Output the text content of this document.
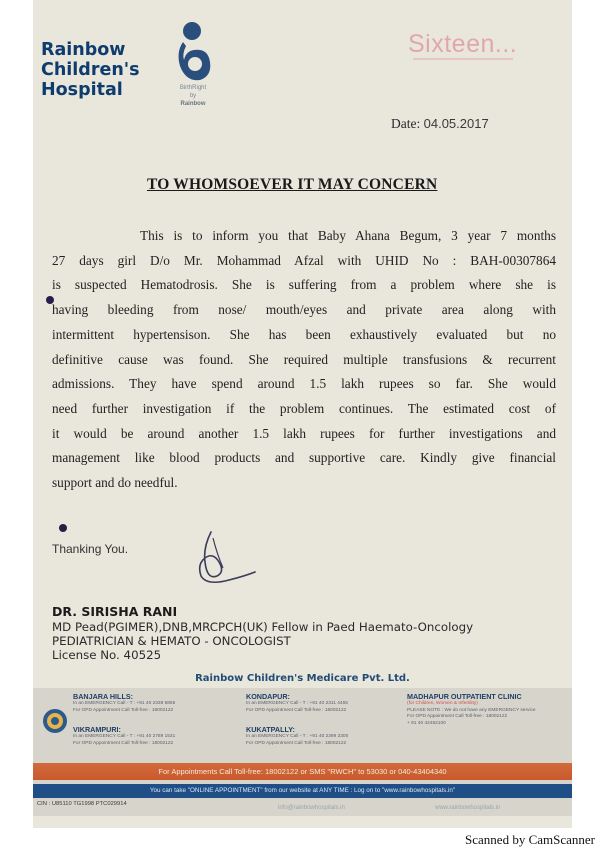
Rainbow
Children's
Hospital	BirthRight
by
Rainbow
Sixteen...
Date: 04.05.2017
TO WHOMSOEVER IT MAY CONCERN
This is to inform you that Baby Ahana Begum, 3 year 7 months
27 days girl D/o Mr. Mohammad Afzal with UHID No : BAH-00307864
is suspected Hematodrosis. She is suffering from a problem where she is
having bleeding from nose/ mouth/eyes and private area along with
intermittent hypertensison. She has been exhaustively evaluated but no
definitive cause was found. She required multiple transfusions & recurrent
admissions. They have spend around 1.5 lakh rupees so far. She would
need further investigation if the problem continues. The estimated cost of
it would be around another 1.5 lakh rupees for further investigations and
management like blood products and supportive care. Kindly give financial
support and do needful.
Thanking You.
DR. SIRISHA RANI
MD Pead(PGIMER),DNB,MRCPCH(UK) Fellow in Paed Haemato-Oncology
PEDIATRICIAN & HEMATO - ONCOLOGIST
License No. 40525
Rainbow Children's Medicare Pvt. Ltd.
BANJARA HILLS:
In an EMERGENCY Call - T : +91 40 2339 5865
For OPD Appointment Call Toll-free : 18002122
VIKRAMPURI:
In an EMERGENCY Call - T : +91 40 2789 1531
For OPD Appointment Call Toll-free : 18002122
KONDAPUR:
In an EMERGENCY Call - T : +91 40 2311 4455
For OPD Appointment Call Toll-free : 18002122
KUKATPALLY:
In an EMERGENCY Call - T : +91 40 2399 2300
For OPD Appointment Call Toll-free : 18002122
MADHAPUR OUTPATIENT CLINIC
(for Children, Women & Infertility)
PLEASE NOTE : We do not have any EMERGENCY service
For OPD Appointment Call Toll-free : 18002122
+ 91 40 42462100
For Appointments Call Toll-free: 18002122 or SMS "RWCH" to 53030 or 040-43404340
You can take "ONLINE APPOINTMENT" from our website at ANY TIME : Log on to "www.rainbowhospitals.in"
CIN : U85110 TG1998 PTC029914
info@rainbowhospitals.in	www.rainbowhospitals.in
Scanned by CamScanner
